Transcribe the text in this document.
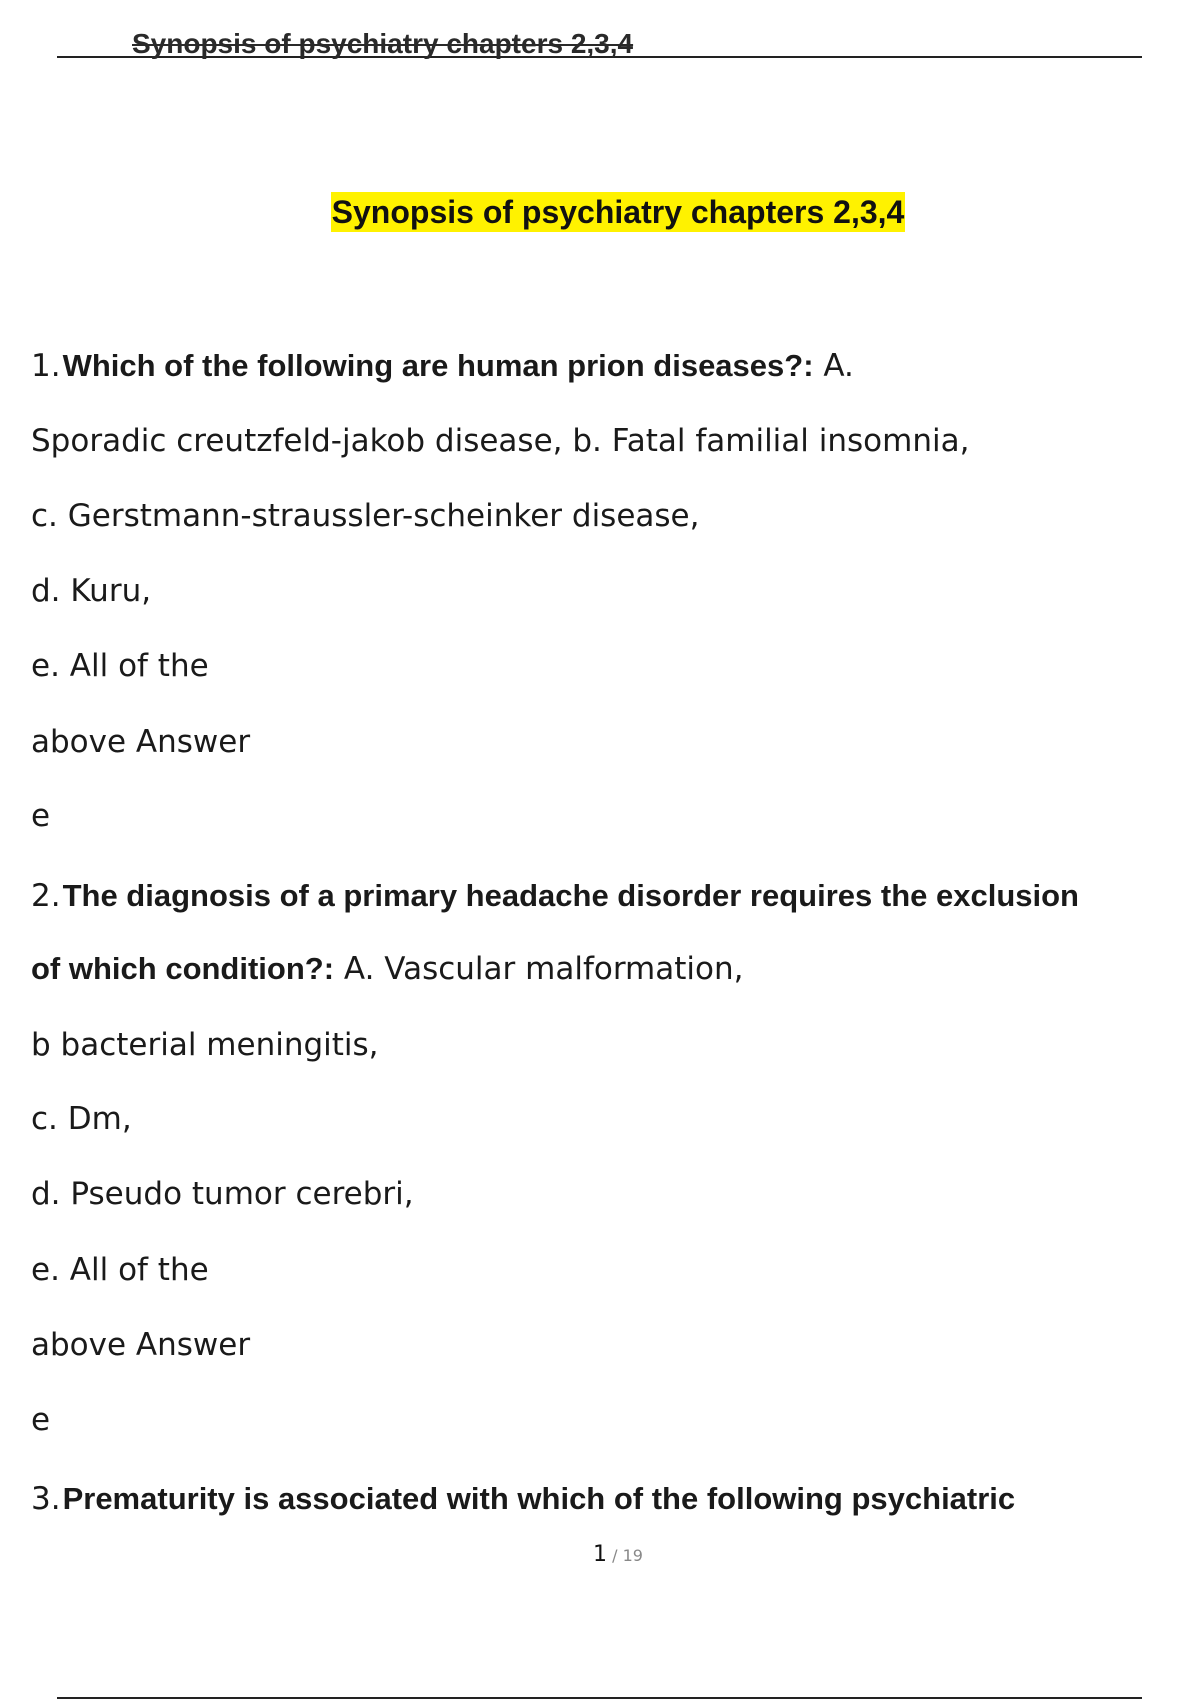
Synopsis of psychiatry chapters 2,3,4
Synopsis of psychiatry chapters 2,3,4
1.Which of the following are human prion diseases?: A.
Sporadic creutzfeld-jakob disease, b. Fatal familial insomnia,
c. Gerstmann-straussler-scheinker disease,
d. Kuru,
e. All of the
above Answer
e
2.The diagnosis of a primary headache disorder requires the exclusion
of which condition?: A. Vascular malformation,
b bacterial meningitis,
c. Dm,
d. Pseudo tumor cerebri,
e. All of the
above Answer
e
3.Prematurity is associated with which of the following psychiatric
1 / 19
